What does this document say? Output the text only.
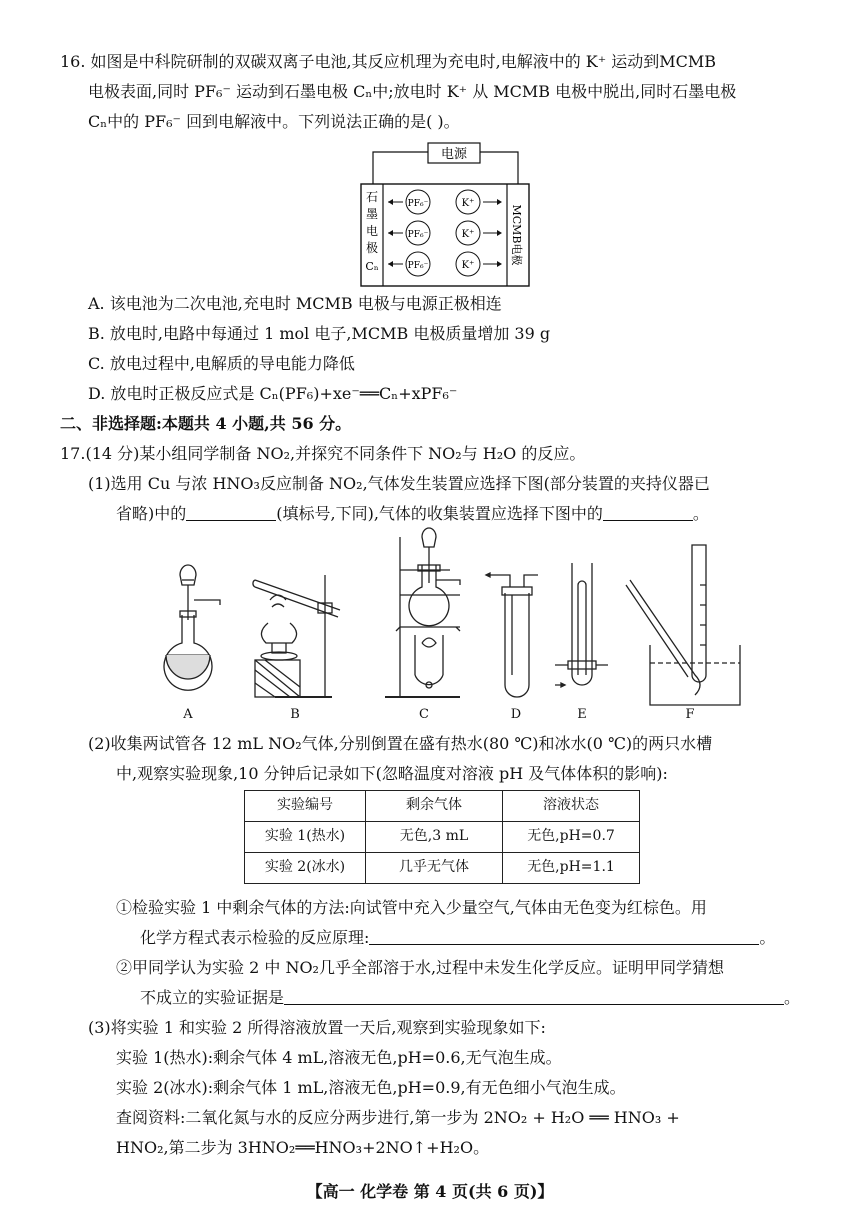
16. 如图是中科院研制的双碳双离子电池,其反应机理为充电时,电解液中的 K⁺ 运动到MCMB
电极表面,同时 PF₆⁻ 运动到石墨电极 Cₙ中;放电时 K⁺ 从 MCMB 电极中脱出,同时石墨电极
Cₙ中的 PF₆⁻ 回到电解液中。下列说法正确的是( )。
电源
石
墨
电
极
Cₙ
MCMB电极
PF₆⁻
PF₆⁻
PF₆⁻
K⁺
K⁺
K⁺
A. 该电池为二次电池,充电时 MCMB 电极与电源正极相连
B. 放电时,电路中每通过 1 mol 电子,MCMB 电极质量增加 39 g
C. 放电过程中,电解质的导电能力降低
D. 放电时正极反应式是 Cₙ(PF₆)+xe⁻══Cₙ+xPF₆⁻
二、非选择题:本题共 4 小题,共 56 分。
17.(14 分)某小组同学制备 NO₂,并探究不同条件下 NO₂与 H₂O 的反应。
(1)选用 Cu 与浓 HNO₃反应制备 NO₂,气体发生装置应选择下图(部分装置的夹持仪器已
省略)中的	(填标号,下同),气体的收集装置应选择下图中的	。
A	B	C	D	E	F
(2)收集两试管各 12 mL NO₂气体,分别倒置在盛有热水(80 ℃)和冰水(0 ℃)的两只水槽
中,观察实验现象,10 分钟后记录如下(忽略温度对溶液 pH 及气体体积的影响):
实验编号	剩余气体	溶液状态
实验 1(热水)	无色,3 mL	无色,pH=0.7
实验 2(冰水)	几乎无气体	无色,pH=1.1
①检验实验 1 中剩余气体的方法:向试管中充入少量空气,气体由无色变为红棕色。用
化学方程式表示检验的反应原理:	。
②甲同学认为实验 2 中 NO₂几乎全部溶于水,过程中未发生化学反应。证明甲同学猜想
不成立的实验证据是	。
(3)将实验 1 和实验 2 所得溶液放置一天后,观察到实验现象如下:
实验 1(热水):剩余气体 4 mL,溶液无色,pH=0.6,无气泡生成。
实验 2(冰水):剩余气体 1 mL,溶液无色,pH=0.9,有无色细小气泡生成。
查阅资料:二氧化氮与水的反应分两步进行,第一步为 2NO₂ + H₂O ══ HNO₃ +
HNO₂,第二步为 3HNO₂══HNO₃+2NO↑+H₂O。
【高一 化学卷 第 4 页(共 6 页)】
